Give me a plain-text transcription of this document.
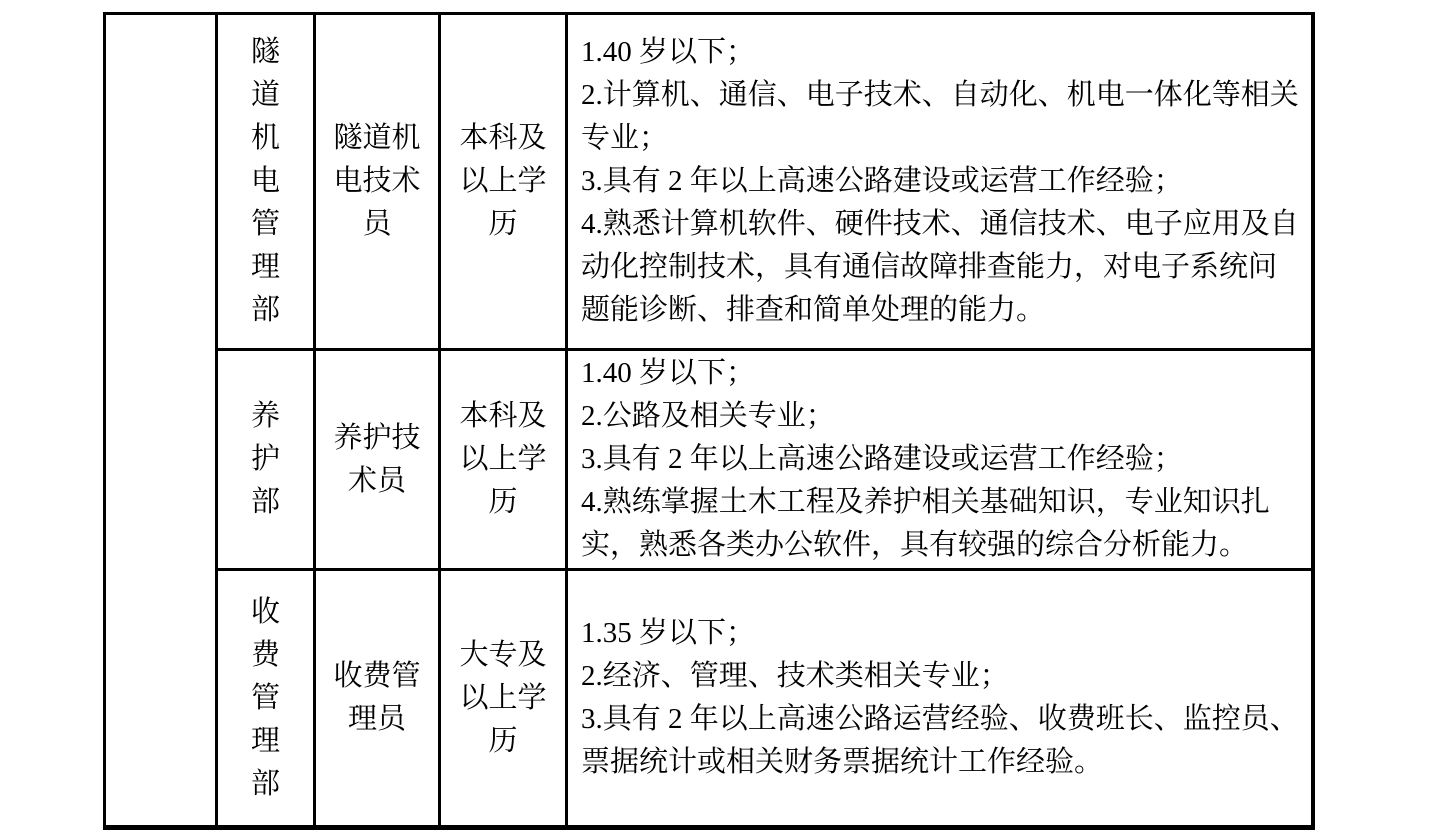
隧道机电管理部
隧道机电技术员
本科及以上学历
1.40 岁以下；
2.计算机、通信、电子技术、自动化、机电一体化等相关专业；
3.具有 2 年以上高速公路建设或运营工作经验；
4.熟悉计算机软件、硬件技术、通信技术、电子应用及自动化控制技术，具有通信故障排查能力，对电子系统问题能诊断、排查和简单处理的能力。
养护部
养护技术员
本科及以上学历
1.40 岁以下；
2.公路及相关专业；
3.具有 2 年以上高速公路建设或运营工作经验；
4.熟练掌握土木工程及养护相关基础知识，专业知识扎实，熟悉各类办公软件，具有较强的综合分析能力。
收费管理部
收费管理员
大专及以上学历
1.35 岁以下；
2.经济、管理、技术类相关专业；
3.具有 2 年以上高速公路运营经验、收费班长、监控员、票据统计或相关财务票据统计工作经验。
